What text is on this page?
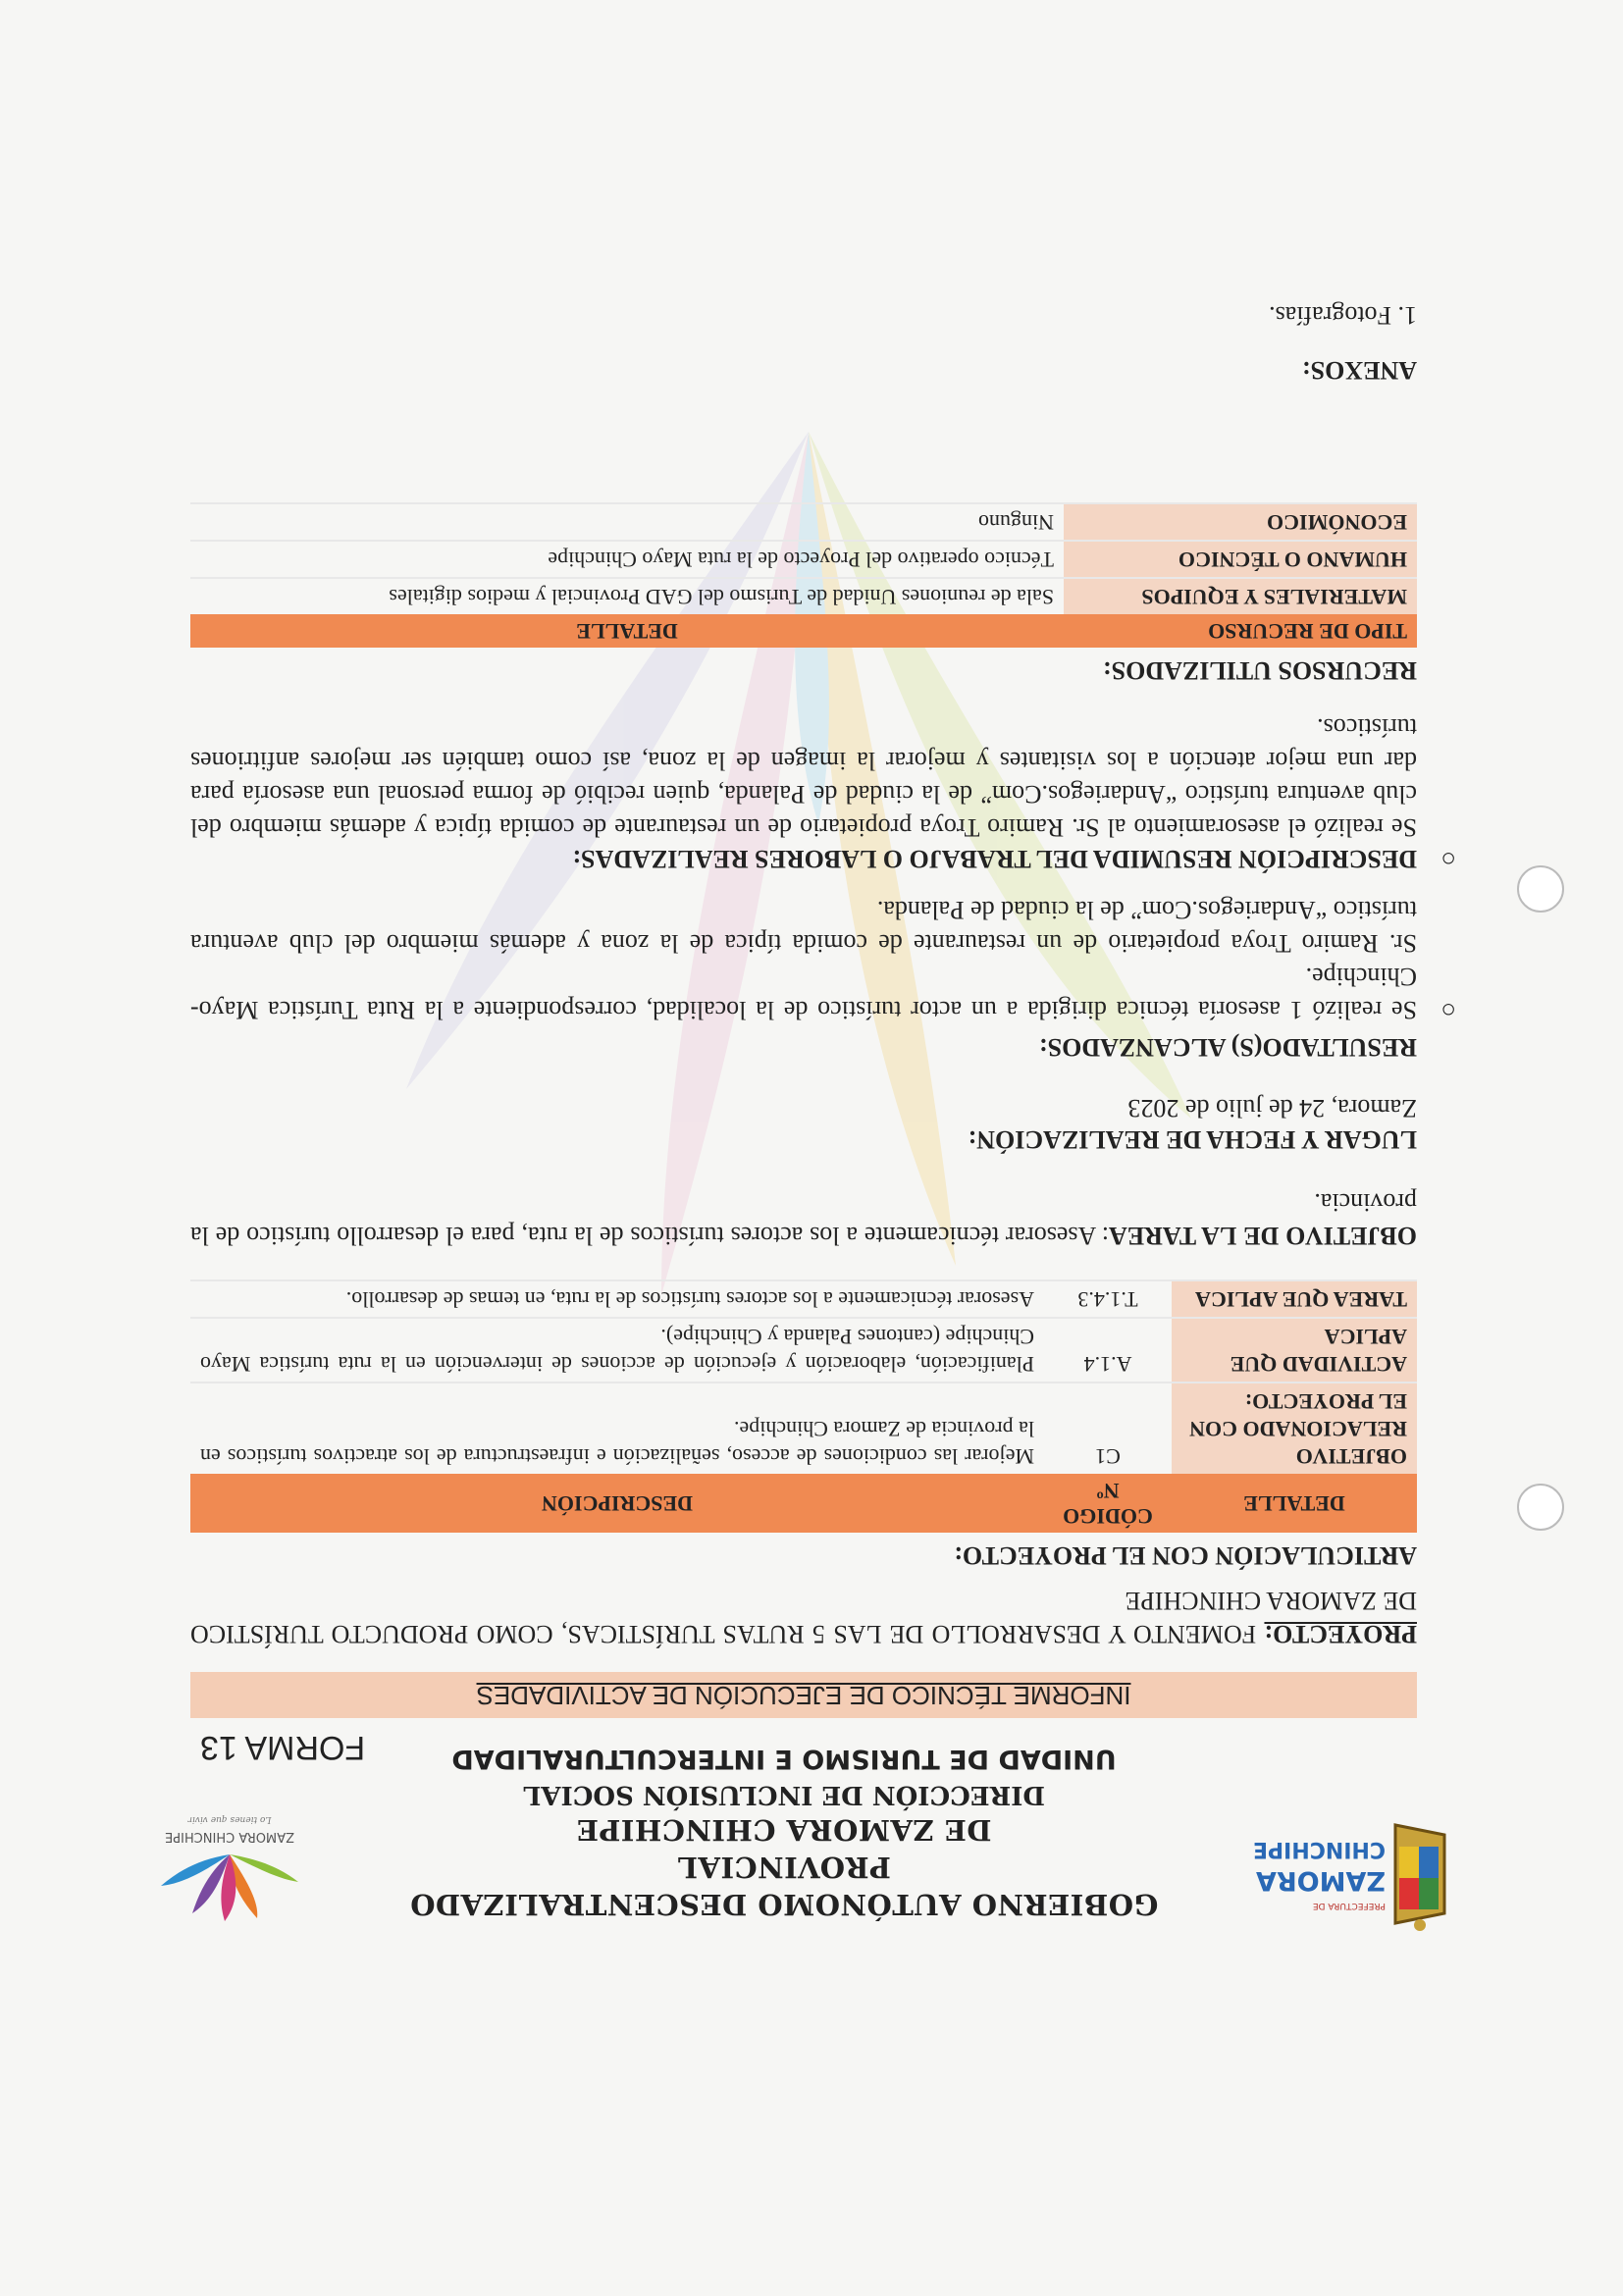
PREFECTURA DE
ZAMORA
CHINCHIPE
GOBIERNO AUTÓNOMO DESCENTRALIZADO PROVINCIAL
DE ZAMORA CHINCHIPE
DIRECCIÓN DE INCLUSIÓN SOCIAL
UNIDAD DE TURISMO E INTERCULTURALIDAD
ZAMORA CHINCHIPE
Lo tienes que vivir
FORMA 13
INFORME TÉCNICO DE EJECUCIÓN DE ACTIVIDADES
PROYECTO: FOMENTO Y DESARROLLO DE LAS 5 RUTAS TURÍSTICAS, COMO PRODUCTO TURÍSTICO DE ZAMORA CHINCHIPE
ARTICULACIÓN CON EL PROYECTO:
DETALLE	CÓDIGO Nº	DESCRIPCIÓN
OBJETIVO RELACIONADO CON EL PROYECTO:	C1	Mejorar las condiciones de acceso, señalización e infraestructura de los atractivos turísticos en la provincia de Zamora Chinchipe.
ACTIVIDAD QUE APLICA	A.1.4	Planificación, elaboración y ejecución de acciones de intervención en la ruta turística Mayo Chinchipe (cantones Palanda y Chinchipe).
TAREA QUE APLICA	T.1.4.3	Asesorar técnicamente a los actores turísticos de la ruta, en temas de desarrollo.
OBJETIVO DE LA TAREA: Asesorar técnicamente a los actores turísticos de la ruta, para el desarrollo turístico de la provincia.
LUGAR Y FECHA DE REALIZACIÓN:
Zamora, 24 de julio de 2023
RESULTADO(S) ALCANZADOS:
○
Se realizó 1 asesoría técnica dirigida a un actor turístico de la localidad, correspondiente a la Ruta Turística Mayo-Chinchipe.
Sr. Ramiro Troya propietario de un restaurante de comida típica de la zona y además miembro del club aventura turístico “Andariegos.Com” de la ciudad de Palanda.
○
DESCRIPCIÓN RESUMIDA DEL TRABAJO O LABORES REALIZADAS:
Se realizó el asesoramiento al Sr. Ramiro Troya propietario de un restaurante de comida típica y además miembro del club aventura turístico “Andariegos.Com” de la ciudad de Palanda, quien recibió de forma personal una asesoría para dar una mejor atención a los visitantes y mejorar la imagen de la zona, así como también ser mejores anfitriones turísticos.
RECURSOS UTILIZADOS:
TIPO DE RECURSO	DETALLE
MATERIALES Y EQUIPOS	Sala de reuniones Unidad de Turismo del GAD Provincial y medios digitales
HUMANO O TÉCNICO	Técnico operativo del Proyecto de la ruta Mayo Chinchipe
ECONÓMICO	Ninguno
ANEXOS:
1. Fotografías.
